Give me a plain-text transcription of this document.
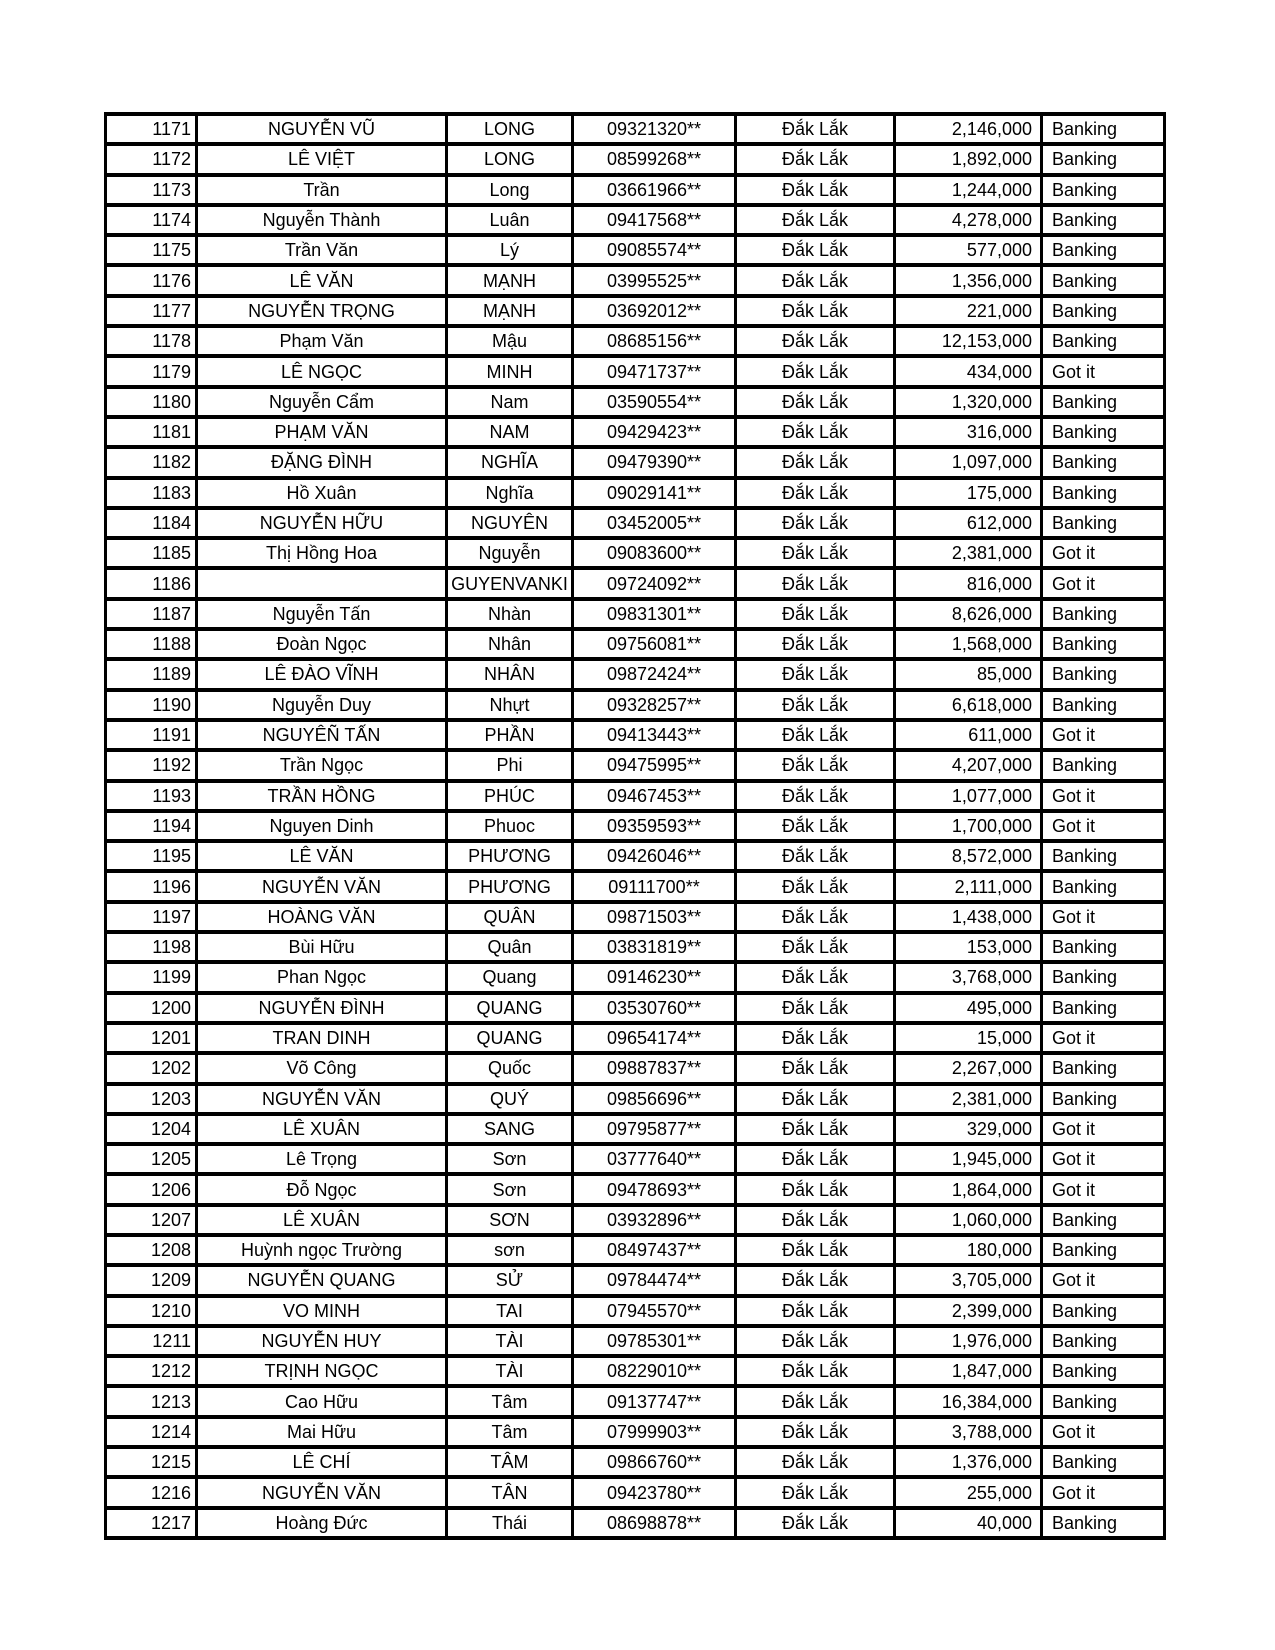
1171	NGUYỄN VŨ	LONG	09321320**	Đắk Lắk	2,146,000	Banking
1172	LÊ VIỆT	LONG	08599268**	Đắk Lắk	1,892,000	Banking
1173	Trần	Long	03661966**	Đắk Lắk	1,244,000	Banking
1174	Nguyễn Thành	Luân	09417568**	Đắk Lắk	4,278,000	Banking
1175	Trần Văn	Lý	09085574**	Đắk Lắk	577,000	Banking
1176	LÊ VĂN	MẠNH	03995525**	Đắk Lắk	1,356,000	Banking
1177	NGUYỄN TRỌNG	MẠNH	03692012**	Đắk Lắk	221,000	Banking
1178	Phạm Văn	Mậu	08685156**	Đắk Lắk	12,153,000	Banking
1179	LÊ NGỌC	MINH	09471737**	Đắk Lắk	434,000	Got it
1180	Nguyễn Cẩm	Nam	03590554**	Đắk Lắk	1,320,000	Banking
1181	PHẠM VĂN	NAM	09429423**	Đắk Lắk	316,000	Banking
1182	ĐẶNG ĐÌNH	NGHĨA	09479390**	Đắk Lắk	1,097,000	Banking
1183	Hồ Xuân	Nghĩa	09029141**	Đắk Lắk	175,000	Banking
1184	NGUYỄN HỮU	NGUYÊN	03452005**	Đắk Lắk	612,000	Banking
1185	Thị Hồng Hoa	Nguyễn	09083600**	Đắk Lắk	2,381,000	Got it
1186		GUYENVANKI	09724092**	Đắk Lắk	816,000	Got it
1187	Nguyễn Tấn	Nhàn	09831301**	Đắk Lắk	8,626,000	Banking
1188	Đoàn Ngọc	Nhân	09756081**	Đắk Lắk	1,568,000	Banking
1189	LÊ ĐÀO VĨNH	NHÂN	09872424**	Đắk Lắk	85,000	Banking
1190	Nguyễn Duy	Nhựt	09328257**	Đắk Lắk	6,618,000	Banking
1191	NGUYÊÑ TẤN	PHẦN	09413443**	Đắk Lắk	611,000	Got it
1192	Trần Ngọc	Phi	09475995**	Đắk Lắk	4,207,000	Banking
1193	TRẦN HỒNG	PHÚC	09467453**	Đắk Lắk	1,077,000	Got it
1194	Nguyen Dinh	Phuoc	09359593**	Đắk Lắk	1,700,000	Got it
1195	LÊ VĂN	PHƯƠNG	09426046**	Đắk Lắk	8,572,000	Banking
1196	NGUYỄN VĂN	PHƯƠNG	09111700**	Đắk Lắk	2,111,000	Banking
1197	HOÀNG VĂN	QUÂN	09871503**	Đắk Lắk	1,438,000	Got it
1198	Bùi Hữu	Quân	03831819**	Đắk Lắk	153,000	Banking
1199	Phan Ngọc	Quang	09146230**	Đắk Lắk	3,768,000	Banking
1200	NGUYỄN ĐÌNH	QUANG	03530760**	Đắk Lắk	495,000	Banking
1201	TRAN DINH	QUANG	09654174**	Đắk Lắk	15,000	Got it
1202	Võ Công	Quốc	09887837**	Đắk Lắk	2,267,000	Banking
1203	NGUYỄN VĂN	QUÝ	09856696**	Đắk Lắk	2,381,000	Banking
1204	LÊ XUÂN	SANG	09795877**	Đắk Lắk	329,000	Got it
1205	Lê Trọng	Sơn	03777640**	Đắk Lắk	1,945,000	Got it
1206	Đỗ Ngọc	Sơn	09478693**	Đắk Lắk	1,864,000	Got it
1207	LÊ XUÂN	SƠN	03932896**	Đắk Lắk	1,060,000	Banking
1208	Huỳnh ngọc Trường	sơn	08497437**	Đắk Lắk	180,000	Banking
1209	NGUYỄN QUANG	SỬ	09784474**	Đắk Lắk	3,705,000	Got it
1210	VO MINH	TAI	07945570**	Đắk Lắk	2,399,000	Banking
1211	NGUYỄN HUY	TÀI	09785301**	Đắk Lắk	1,976,000	Banking
1212	TRỊNH NGỌC	TÀI	08229010**	Đắk Lắk	1,847,000	Banking
1213	Cao Hữu	Tâm	09137747**	Đắk Lắk	16,384,000	Banking
1214	Mai Hữu	Tâm	07999903**	Đắk Lắk	3,788,000	Got it
1215	LÊ CHÍ	TÂM	09866760**	Đắk Lắk	1,376,000	Banking
1216	NGUYỄN VĂN	TÂN	09423780**	Đắk Lắk	255,000	Got it
1217	Hoàng Đức	Thái	08698878**	Đắk Lắk	40,000	Banking
